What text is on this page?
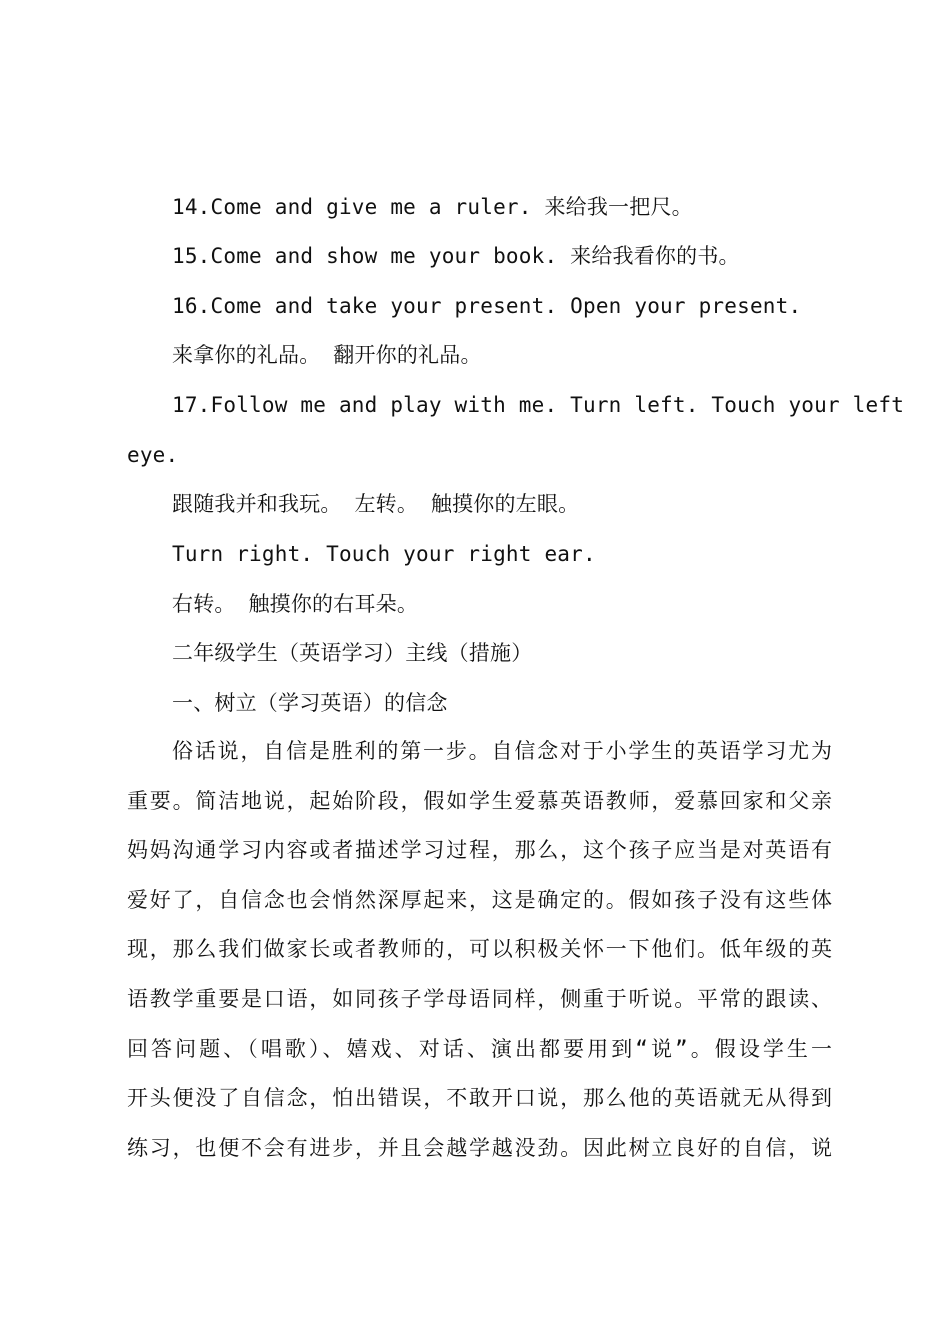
14.Come and give me a ruler. 来给我一把尺。
15.Come and show me your book. 来给我看你的书。
16.Come and take your present. Open your present.
来拿你的礼品。 翻开你的礼品。
17.Follow me and play with me. Turn left. Touch your left
eye.
跟随我并和我玩。 左转。 触摸你的左眼。
Turn right. Touch your right ear.
右转。 触摸你的右耳朵。
二年级学生（英语学习）主线（措施）
一、树立（学习英语）的信念
俗话说，自信是胜利的第一步。自信念对于小学生的英语学习尤为
重要。简洁地说，起始阶段，假如学生爱慕英语教师，爱慕回家和父亲
妈妈沟通学习内容或者描述学习过程，那么，这个孩子应当是对英语有
爱好了，自信念也会悄然深厚起来，这是确定的。假如孩子没有这些体
现，那么我们做家长或者教师的，可以积极关怀一下他们。低年级的英
语教学重要是口语，如同孩子学母语同样，侧重于听说。平常的跟读、
回答问题、（唱歌）、嬉戏、对话、演出都要用到“说”。假设学生一
开头便没了自信念，怕出错误，不敢开口说，那么他的英语就无从得到
练习，也便不会有进步，并且会越学越没劲。因此树立良好的自信，说
